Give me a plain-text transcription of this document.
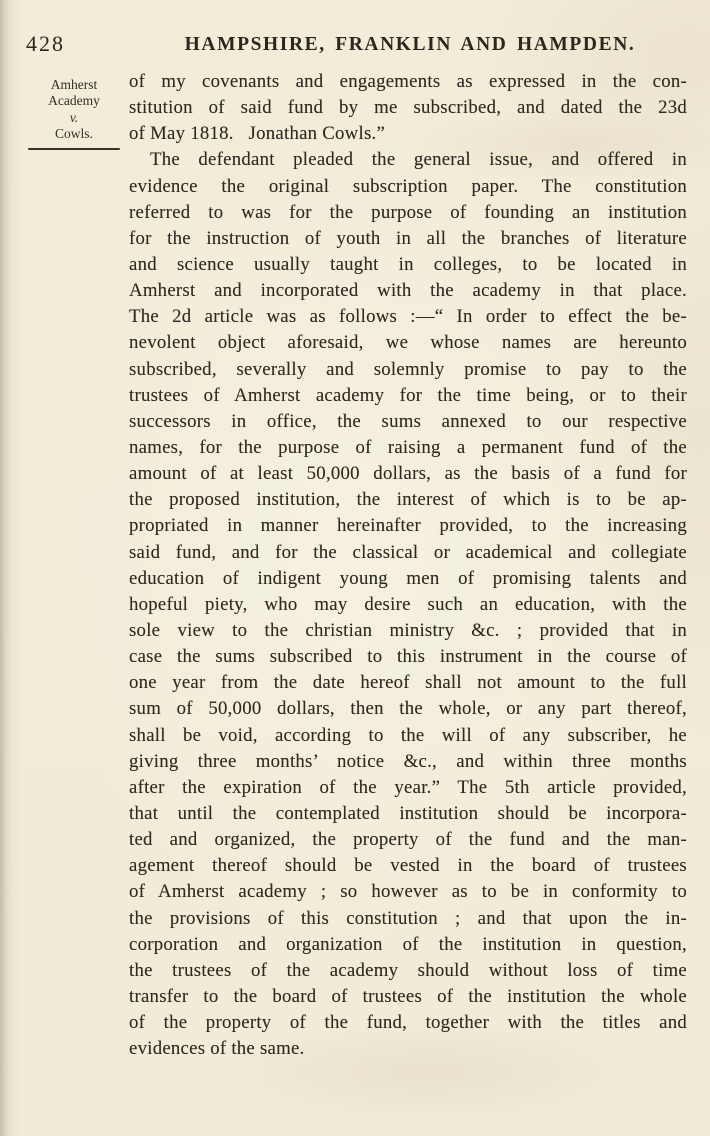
428	HAMPSHIRE, FRANKLIN AND HAMPDEN.
Amherst
Academy
v.
Cowls.
of my covenants and engagements as expressed in the con-
stitution of said fund by me subscribed, and dated the 23d
of May 1818.   Jonathan Cowls.”
The defendant pleaded the general issue, and offered in
evidence the original subscription paper. The constitution
referred to was for the purpose of founding an institution
for the instruction of youth in all the branches of literature
and science usually taught in colleges, to be located in
Amherst and incorporated with the academy in that place.
The 2d article was as follows :—“ In order to effect the be-
nevolent object aforesaid, we whose names are hereunto
subscribed, severally and solemnly promise to pay to the
trustees of Amherst academy for the time being, or to their
successors in office, the sums annexed to our respective
names, for the purpose of raising a permanent fund of the
amount of at least 50,000 dollars, as the basis of a fund for
the proposed institution, the interest of which is to be ap-
propriated in manner hereinafter provided, to the increasing
said fund, and for the classical or academical and collegiate
education of indigent young men of promising talents and
hopeful piety, who may desire such an education, with the
sole view to the christian ministry &c. ; provided that in
case the sums subscribed to this instrument in the course of
one year from the date hereof shall not amount to the full
sum of 50,000 dollars, then the whole, or any part thereof,
shall be void, according to the will of any subscriber, he
giving three months’ notice &c., and within three months
after the expiration of the year.” The 5th article provided,
that until the contemplated institution should be incorpora-
ted and organized, the property of the fund and the man-
agement thereof should be vested in the board of trustees
of Amherst academy ; so however as to be in conformity to
the provisions of this constitution ; and that upon the in-
corporation and organization of the institution in question,
the trustees of the academy should without loss of time
transfer to the board of trustees of the institution the whole
of the property of the fund, together with the titles and
evidences of the same.
